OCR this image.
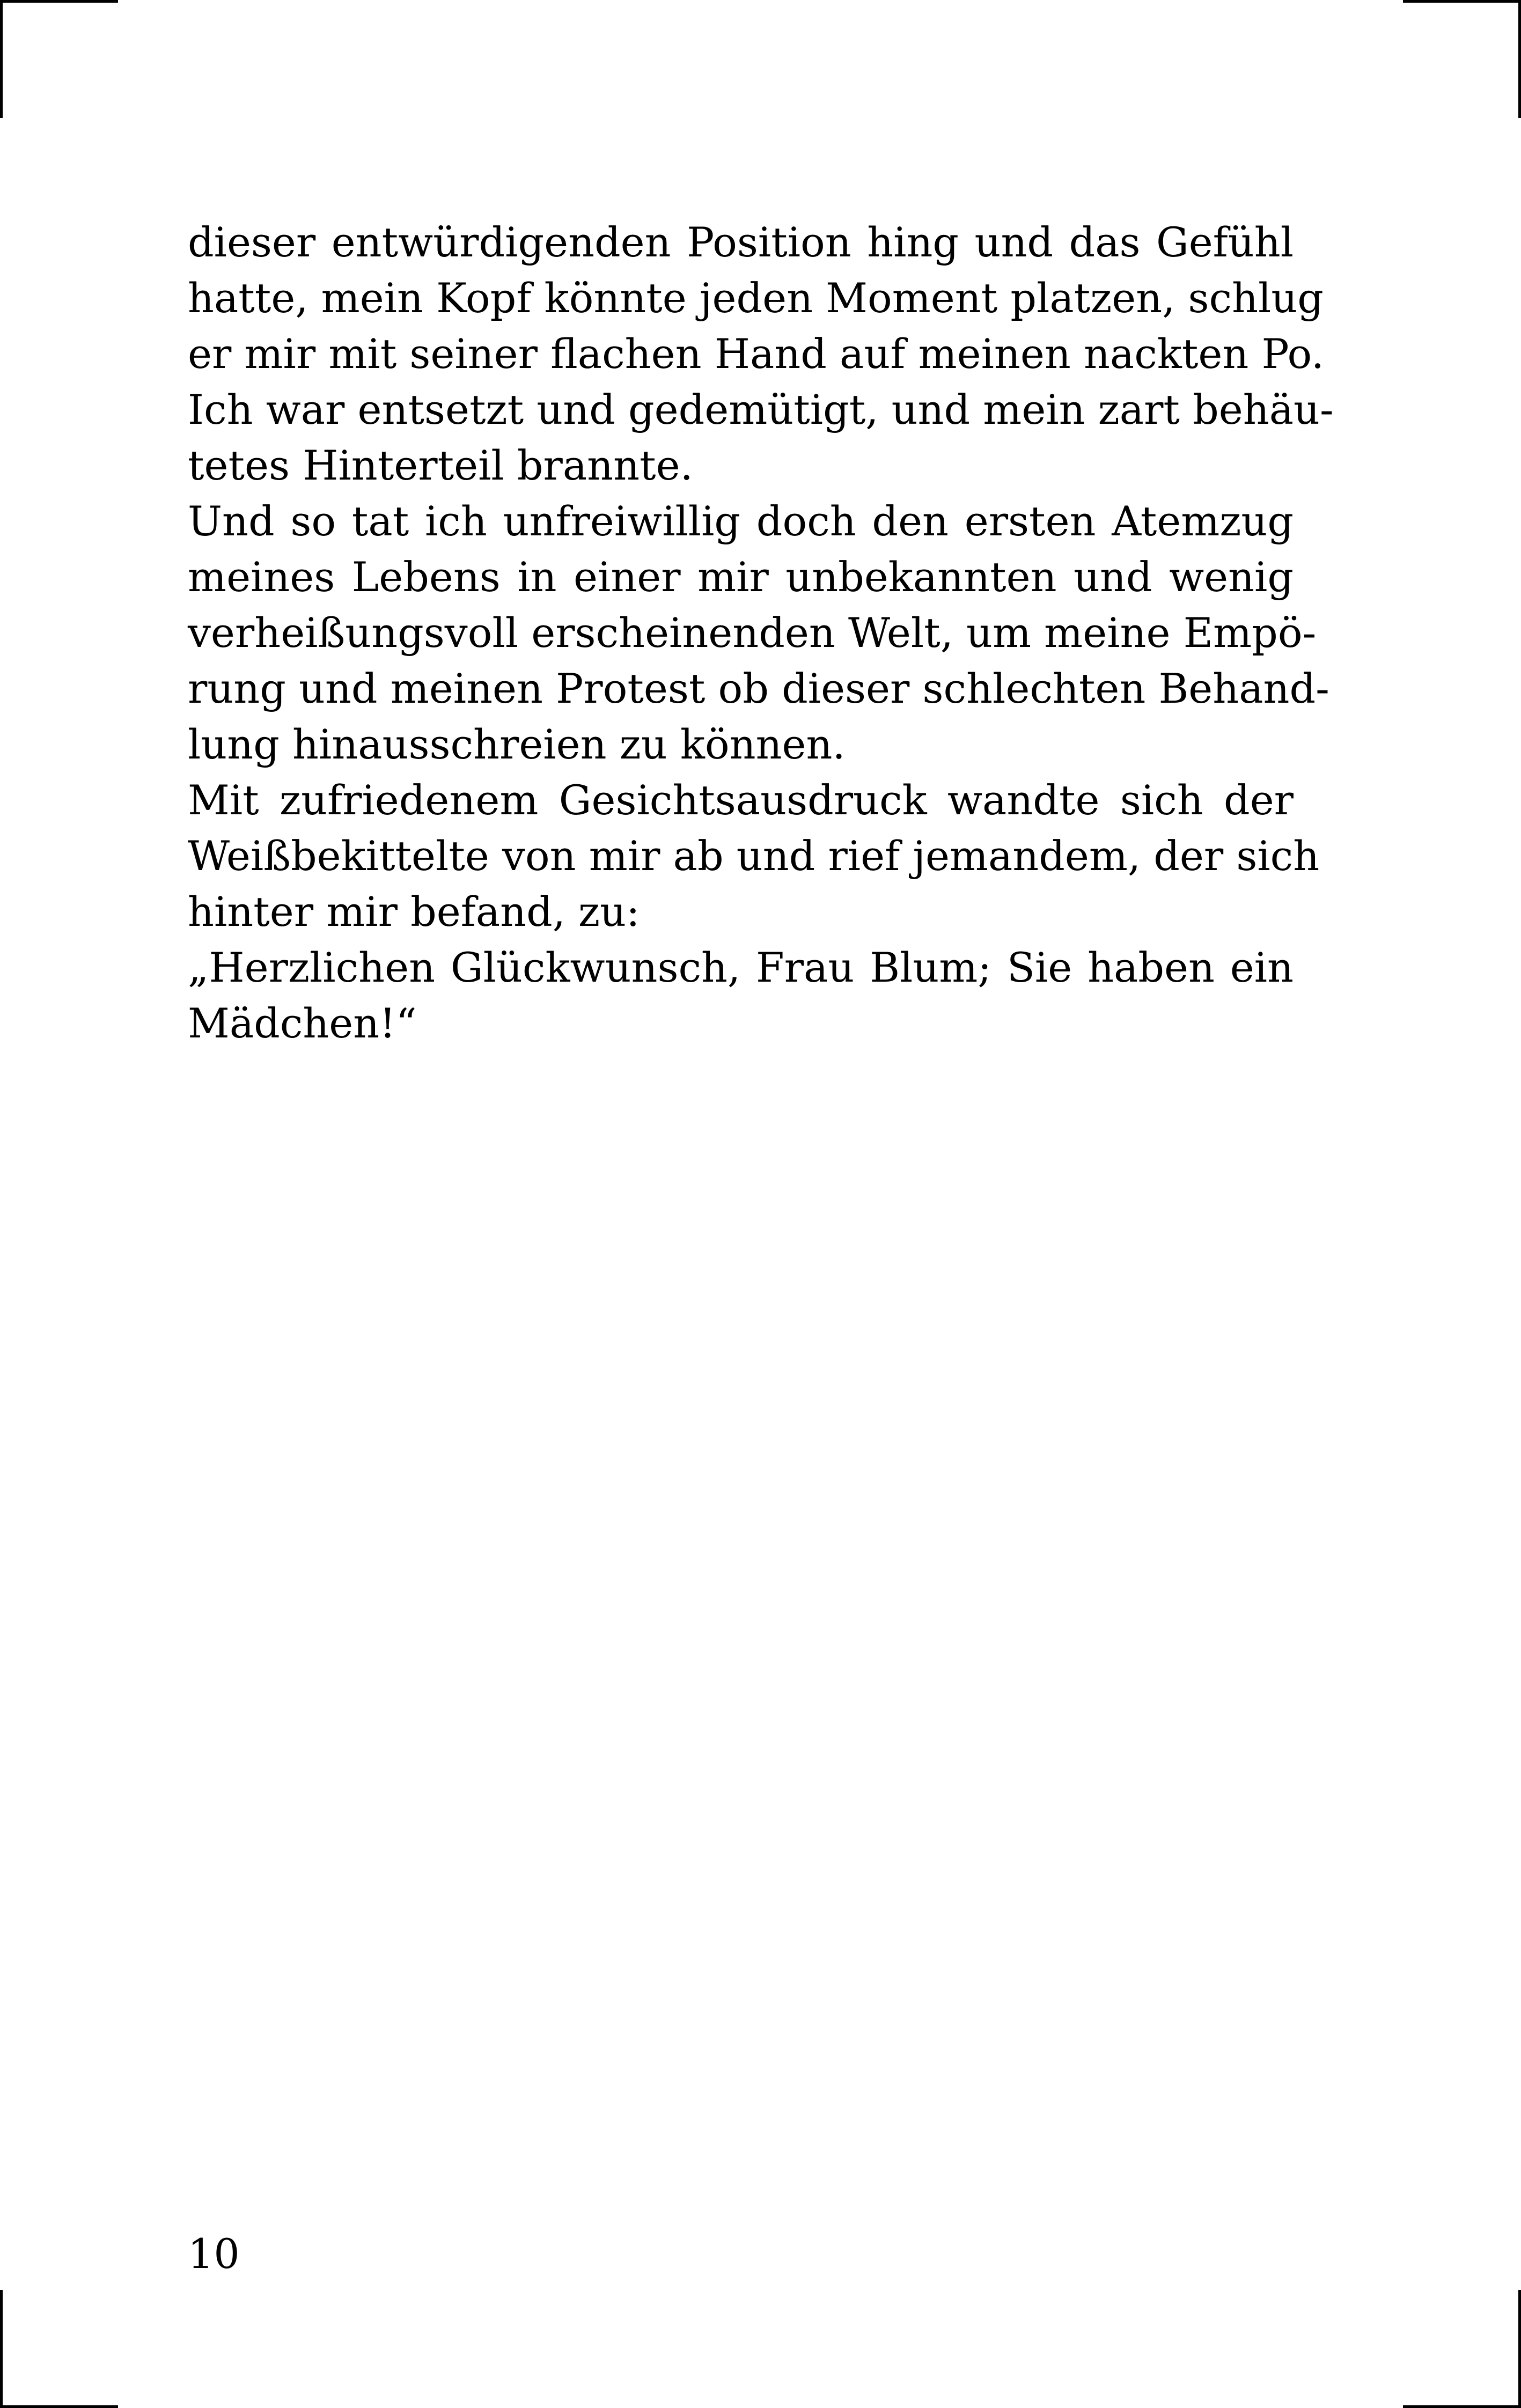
dieser entwürdigenden Position hing und das Gefühl
hatte, mein Kopf könnte jeden Moment platzen, schlug
er mir mit seiner flachen Hand auf meinen nackten Po.
Ich war entsetzt und gedemütigt, und mein zart behäu-
tetes Hinterteil brannte.
Und so tat ich unfreiwillig doch den ersten Atemzug
meines Lebens in einer mir unbekannten und wenig
verheißungsvoll erscheinenden Welt, um meine Empö-
rung und meinen Protest ob dieser schlechten Behand-
lung hinausschreien zu können.
Mit zufriedenem Gesichtsausdruck wandte sich der
Weißbekittelte von mir ab und rief jemandem, der sich
hinter mir befand, zu:
„Herzlichen Glückwunsch, Frau Blum; Sie haben ein
Mädchen!“
10
